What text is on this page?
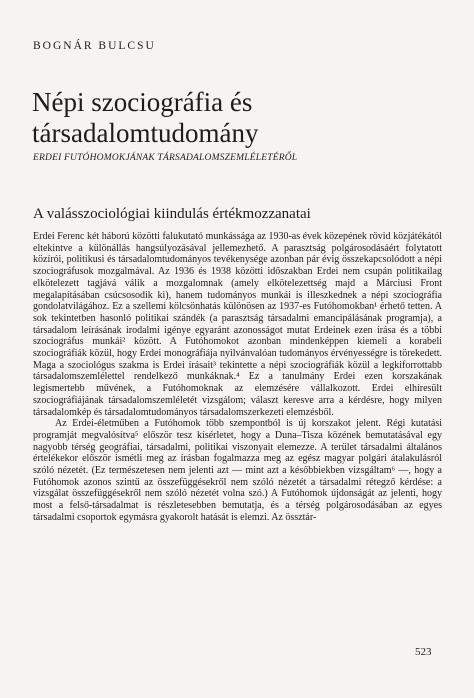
BOGNÁR BULCSU
Népi szociográfia és
társadalomtudomány
ERDEI FUTÓHOMOKJÁNAK TÁRSADALOMSZEMLÉLETÉRŐL
A valásszociológiai kiindulás értékmozzanatai

Erdei Ferenc két háború közötti falukutató munkássága az 1930-as évek közepének rövid közjátékától eltekintve a különállás hangsúlyozásával jellemezhető. A parasztság polgárosodásáért folytatott közírói, politikusi és társadalomtudományos tevékenysége azonban pár évig összekapcsolódott a népi szociográfusok mozgalmával. Az 1936 és 1938 közötti időszakban Erdei nem csupán politikailag elkötelezett tagjává válik a mozgalomnak (amely elkötelezettség majd a Márciusi Front megalapításában csúcsosodik ki), hanem tudományos munkái is illeszkednek a népi szociográfia gondolatvilágához. Ez a szellemi kölcsönhatás különösen az 1937-es Futóhomokban¹ érhető tetten. A sok tekintetben hasonló politikai szándék (a parasztság társadalmi emancipálásának programja), a társadalom leírásának irodalmi igénye egyaránt azonosságot mutat Erdeinek ezen írása és a többi szociográfus munkái² között. A Futóhomokot azonban mindenképpen kiemeli a korabeli szociográfiák közül, hogy Erdei monográfiája nyilvánvalóan tudományos érvényességre is törekedett. Maga a szociológus szakma is Erdei írásait³ tekintette a népi szociográfiák közül a legkiforrottabb társadalomszemlélettel rendelkező munkáknak.⁴ Ez a tanulmány Erdei ezen korszakának legismertebb művének, a Futóhomoknak az elemzésére vállalkozott. Erdei elhíresült szociográfiájának társadalomszemléletét vizsgálom; választ keresve arra a kérdésre, hogy milyen társadalomkép és társadalomtudományos társadalomszerkezeti elemzésből.

Az Erdei-életműben a Futóhomok több szempontból is új korszakot jelent. Régi kutatási programját megvalósítva⁵ először tesz kísérletet, hogy a Duna–Tisza közének bemutatásával egy nagyobb térség geográfiai, társadalmi, politikai viszonyait elemezze. A terület társadalmi általános értelékekor először ismétli meg az írásban fogalmazza meg az egész magyar polgári átalakulásról szóló nézetét. (Ez természetesen nem jelenti azt — mint azt a későbbiekben vizsgáltam⁶ —, hogy a Futóhomok azonos szintű az összefüggésekről nem szóló nézetét a társadalmi rétegző kérdése: a vizsgálat összefüggésekről nem szóló nézetét volna szó.) A Futóhomok újdonságát az jelenti, hogy most a felső-társadalmat is részletesebben bemutatja, és a térség polgárosodásában az egyes társadalmi csoportok egymásra gyakorolt hatását is elemzi. Az össztár-

523
